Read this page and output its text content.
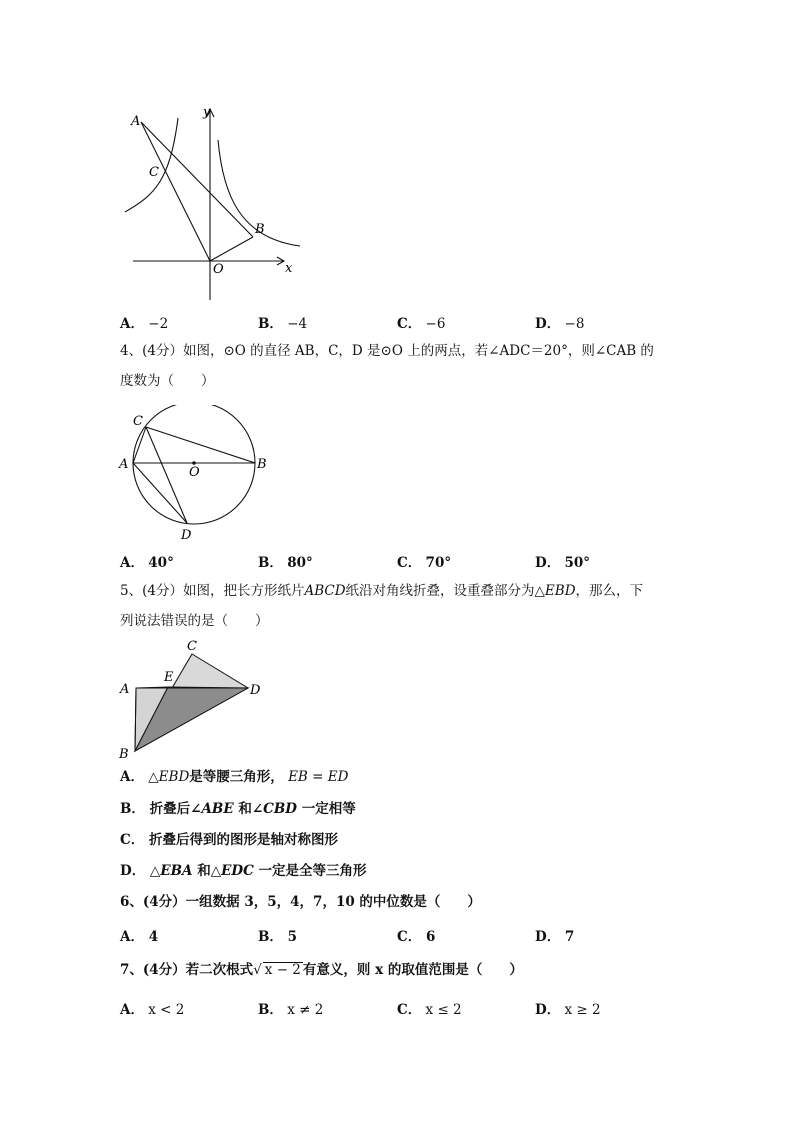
A
C
B
O	x
y
A． −2	B． −4	C． −6	D． −8
4、(4分）如图，⊙O 的直径 AB，C，D 是⊙O 上的两点，若∠ADC＝20°，则∠CAB 的
度数为（　　）
A	B
C
D
O
A． 40°	B． 80°	C． 70°	D． 50°
5、(4分）如图，把长方形纸片ABCD纸沿对角线折叠，设重叠部分为△EBD，那么，下
列说法错误的是（　　）
A
B
C
D
E
A． △EBD是等腰三角形， EB = ED
B． 折叠后∠ABE 和∠CBD 一定相等
C． 折叠后得到的图形是轴对称图形
D． △EBA 和△EDC 一定是全等三角形
6、(4分）一组数据 3，5，4，7，10 的中位数是（　　）
A． 4	B． 5	C． 6	D． 7
7、(4分）若二次根式√ x − 2 有意义，则 x 的取值范围是（　　）
A． x < 2	B． x ≠ 2	C． x ≤ 2	D． x ≥ 2
